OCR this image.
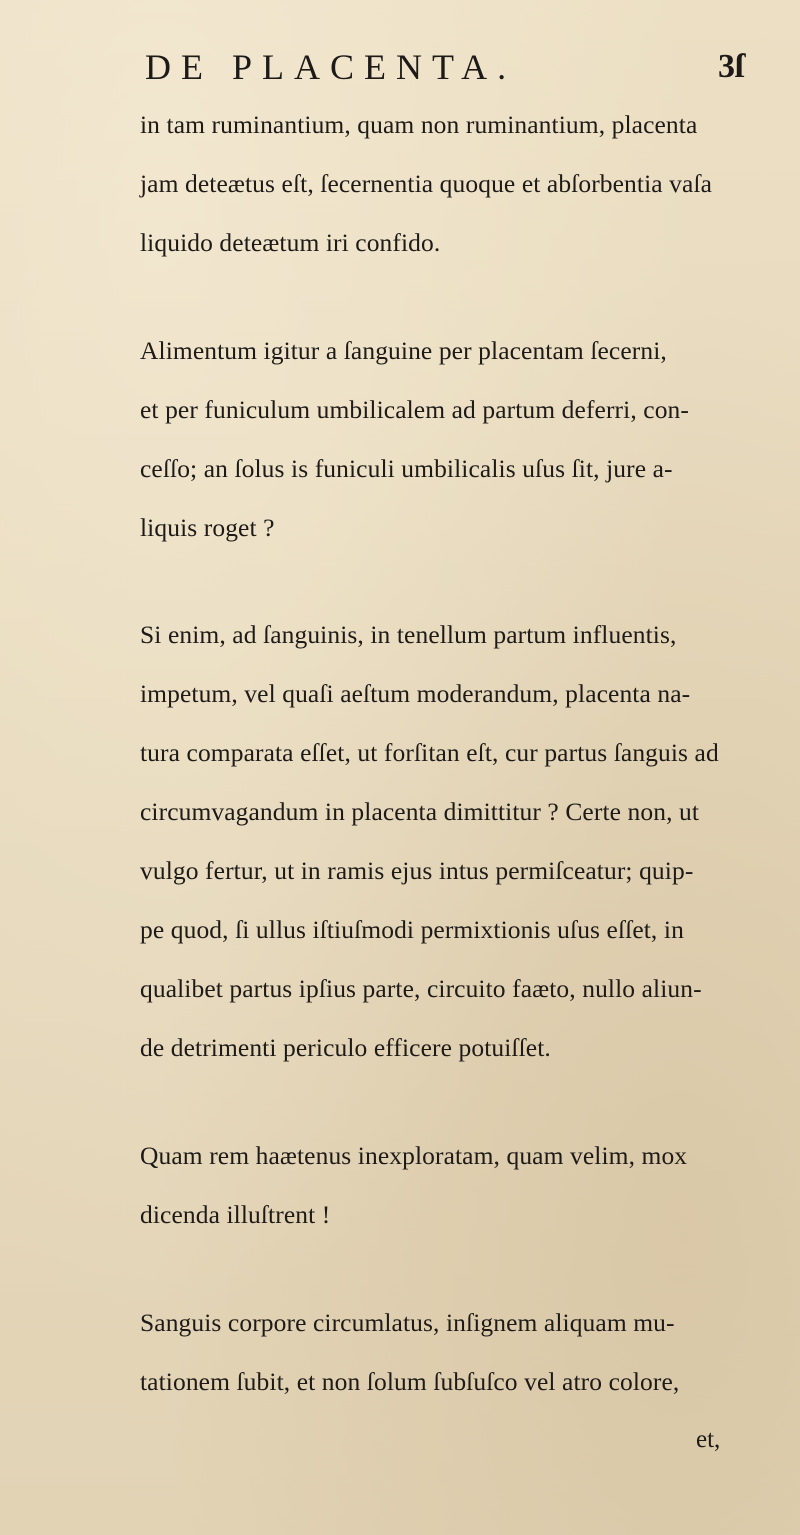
DE PLACENTA.	3ſ
in tam ruminantium, quam non ruminantium, placenta
jam deteætus eſt, ſecernentia quoque et abſorbentia vaſa
liquido deteætum iri confido.
Alimentum igitur a ſanguine per placentam ſecerni,
et per funiculum umbilicalem ad partum deferri, con-
ceſſo; an ſolus is funiculi umbilicalis uſus ſit, jure a-
liquis roget ?
Si enim, ad ſanguinis, in tenellum partum influentis,
impetum, vel quaſi aeſtum moderandum, placenta na-
tura comparata eſſet, ut forſitan eſt, cur partus ſanguis ad
circumvagandum in placenta dimittitur ? Certe non, ut
vulgo fertur, ut in ramis ejus intus permiſceatur; quip-
pe quod, ſi ullus iſtiuſmodi permixtionis uſus eſſet, in
qualibet partus ipſius parte, circuito faæto, nullo aliun-
de detrimenti periculo efficere potuiſſet.
Quam rem haætenus inexploratam, quam velim, mox
dicenda illuſtrent !
Sanguis corpore circumlatus, inſignem aliquam mu-
tationem ſubit, et non ſolum ſubſuſco vel atro colore,
et,
